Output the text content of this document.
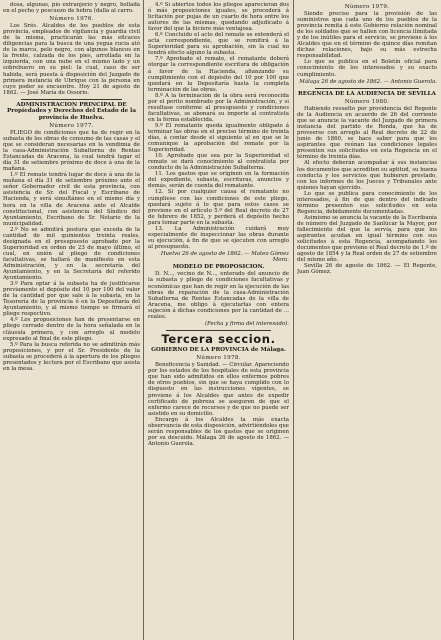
dosa, algunas, pío extranjerío y negro, hollada en el pecho y pescuezo de hebra (dalla al carro.

Número 1976.

Los Srés. Alcaldes de los pueblos de esta provincia, empleados de vigilancia y guardia civil de la misma, practicarán las más eficaces diligencias para la busca de una yegua rucia ató de la marca, pelo negro, con algunos blancos en la frente, calzada de los pies, arrollada en la izquierda, con una nube en el mismo lado y un sobrebuero en su piel: la cual, caso de ser habida, será puesta á disposición del Juzgado de primera instancia de Ubrique con la persona en cuyo poder se encuentre. Hoy 21 de agosto de 1862. — José María de Ossorio.

ADMINISTRACION PRINCIPAL DE Propiedades y Derechos del Estado de la provincia de Huelva.
Número 1977.

PLIEGO de condiciones que ha de regir en la subasta de los obras de consumo de las casas y el que se consideran necesarias en la vendimia de la casa-Administración Subalterna de Rentas Estancadas de Aracena, la cual tendrá lugar el día 31 de setiembre próximo de doce á una de la mañana.

1.º El remate tendrá lugar de doce á una de la mañana el día 31 de setiembre próximo ante el señor Gobernador civil de esta provincia, con asistencia de Sr. del Fiscal y Escribano de Hacienda, y será simultáneo en el mismo día y hora en la villa de Aracena ante el Alcalde constitucional, con asistencia del Síndico del Ayuntamiento, Escribano de Sr. Notario de la municipalidad.

2.º No se admitirá postura que exceda de la cantidad de mil quinientos treinta reales, designada en el presupuesto aprobado por la Superioridad en orden de 23 de mayo último, el cual, en unión al pliego de condiciones facultativas, se hallará de manifiesto en esta Administración, y en la secretaría del Ayuntamiento, y en la Secretaría del referido Ayuntamiento.

3.º Para optar á la subasta ha de justificarse previamente el depósito del 10 por 100 del valor de la cantidad por que sale á la subasta, en la Tesorería de la provincia ó en la Depositaría del Ayuntamiento, y al mismo tiempo se firmará el pliego respectivo.

4.º Los proposiciones han de presentarse en pliego cerrado dentro de la hora señalada en la cláusula primera, y con arreglo al modelo expresado al final de este pliego.

5.º Para la busca referida no se admitirán más proposiciones, y por el Sr. Presidente de la subasta se procederá á la apertura de los pliegos presentados y lectura por el Escribano que asista en la mesa.

4.º Si abiertos todos los pliegos aparecieran dos ó más proposiciones iguales, se procederá á licitación por pujas de un cuarto de hora entre los autores de las mismas, quedando adjudicado á favor del que la hiciere más ventajosa.

6.º Concluido el acto del remate se extenderá el acta correspondiente, que se remitirá á la Superioridad para su aprobación, sin la cual no tendrá efecto alguno la subasta.

7.º Aprobado el remate, el rematante deberá otorgar la correspondiente escritura de obligación á favor de la Hacienda, afianzando su cumplimiento con el depósito del 10 por 100 que quedará en la Depositaría hasta la completa terminación de las obras.

8.º A la terminación de la obra será reconocida por el perito nombrado por la Administración, y si resultase conforme al presupuesto y condiciones facultativas, se abonará su importe al contratista en la forma establecida.

9.º El rematante queda igualmente obligado á terminar las obras en el preciso término de treinta días, á contar desde el siguiente al en que se le comunique la aprobación del remate por la Superioridad.

10. Aprobado que sea por la Superioridad el remate se dará conocimiento al contratista por conducto de la Administración Subalterna.

11. Los gastos que se originen en la formación del expediente, subasta, escrituras, anuncios y demás, serán de cuenta del rematante.

12. Si por cualquier causa el rematante no cumpliese con las condiciones de este pliego, quedará sujeto á lo que para estos casos se previene en el artículo 5.º del Real decreto de 27 de febrero de 1852, y perderá el depósito hecho para tomar parte en la subasta.

13. La Administración cuidará muy especialmente de inspeccionar las obras durante su ejecución, á fin de que se ejecuten con arreglo al presupuesto.

Huelva 26 de agosto de 1862. — Mateo Gómez Mora.
MODELO DE PROPOSICION.

D. N..., vecino de N..., enterado del anuncio de la subasta y pliego de condiciones facultativas y económicas que han de regir en la ejecución de las obras de reparación de la casa-Administración Subalterna de Rentas Estancadas de la villa de Aracena, me obligo á ejecutarlas con entera sujeción á dichas condiciones por la cantidad de ... reales.

(Fecha y firma del interesado).
Tercera seccion.
GOBIERNO DE LA PROVINCIA de Málaga.
Número 1978.

Beneficencia y Sanidad. — Circular. Apareciendo por los estados de los hospitales de esta provincia que han sido admitidos en ellos enfermos pobres de otros pueblos, sin que se haya cumplido con lo dispuesto en las instrucciones vigentes, se previene á los Alcaldes que antes de expedir certificado de pobreza se aseguren de que el enfermo carece de recursos y de que no puede ser asistido en su domicilio.

Encargo á los Alcaldes la más exacta observancia de esta disposición, advirtiéndoles que serán responsables de los gastos que se originen por su descuido. Málaga 26 de agosto de 1862. — Antonio Guerola.

Número 1979.

Siendo preciso para la provisión de las suministros que cada uno de los pueblos de la provincia remita á este Gobierno relación nominal de los soldados que se hallen con licencia ilimitada y de los inútiles para el servicio, se previene á los Alcaldes que en el término de quince días remitan dichas relaciones, bajo su más estrecha responsabilidad.

Lo que se publica en el Boletín oficial para conocimiento de los interesados y su exacto cumplimiento.

Málaga 26 de agosto de 1862. — Antonio Guerola.
REGENCIA DE LA AUDIENCIA DE SEVILLA
Número 1980.

Habiendo resuelto por providencia del Regente de la Audiencia en acuerdo de 26 del corriente que se anuncie la vacante del Juzgado de primera instancia del partido de Ronda, que ha de proveerse con arreglo al Real decreto de 22 de junio de 1860, se hace saber para que los aspirantes que reúnan las condiciones legales presenten sus solicitudes en esta Regencia en el término de treinta días.

Al efecto deberán acompañar á sus instancias los documentos que acrediten su aptitud, su buena conducta y los servicios que hubieren prestado, con los informes de los Jueces y Tribunales ante quienes hayan ejercido.

Lo que se publica para conocimiento de los interesados, á fin de que dentro del indicado término presenten sus solicitudes en esta Regencia, debidamente documentadas.

Asimismo se anuncia la vacante de la Escribanía de número del Juzgado de Sanlúcar la Mayor, por fallecimiento del que la servía, para que los aspirantes acudan en igual término con sus solicitudes á esta Regencia, acompañando los documentos que previene el Real decreto de 1.º de agosto de 1854 y la Real orden de 27 de setiembre del mismo año.

Sevilla 26 de agosto de 1862. — El Regente, Juan Gómez.
